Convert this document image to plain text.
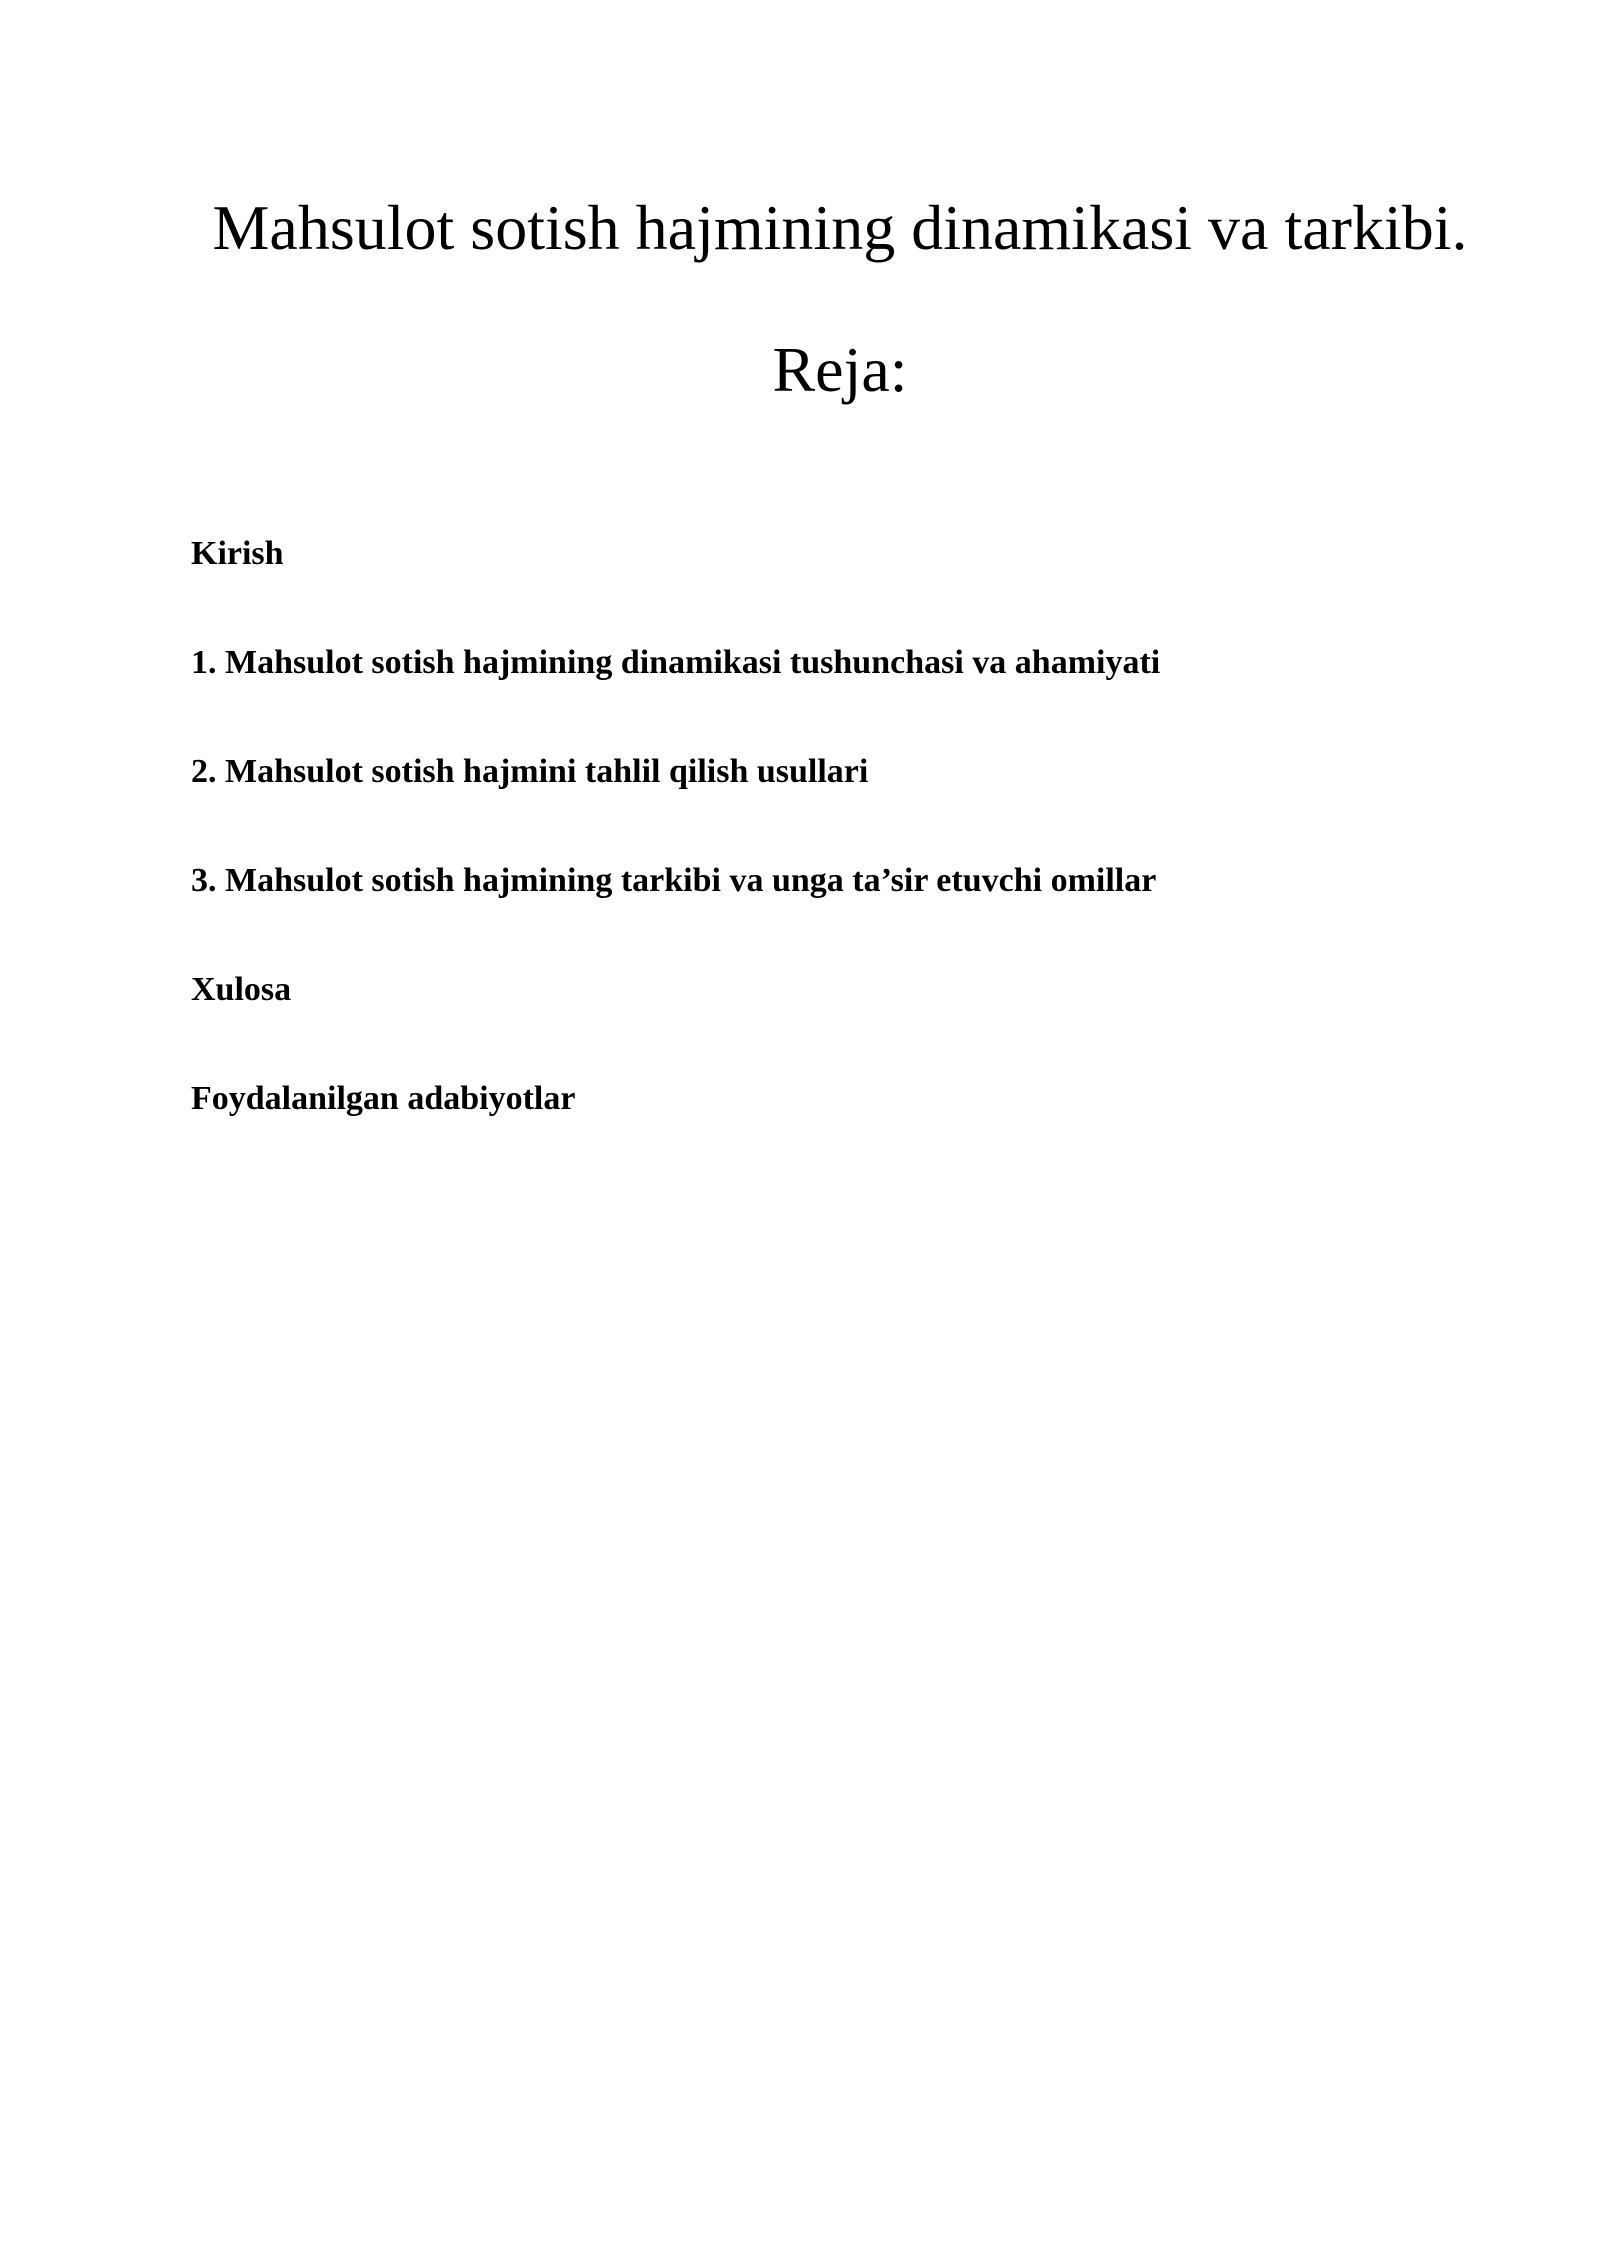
Mahsulot sotish hajmining dinamikasi va tarkibi.
Reja:
Kirish
1. Mahsulot sotish hajmining dinamikasi tushunchasi va ahamiyati
2. Mahsulot sotish hajmini tahlil qilish usullari
3. Mahsulot sotish hajmining tarkibi va unga ta’sir etuvchi omillar
Xulosa
Foydalanilgan adabiyotlar
